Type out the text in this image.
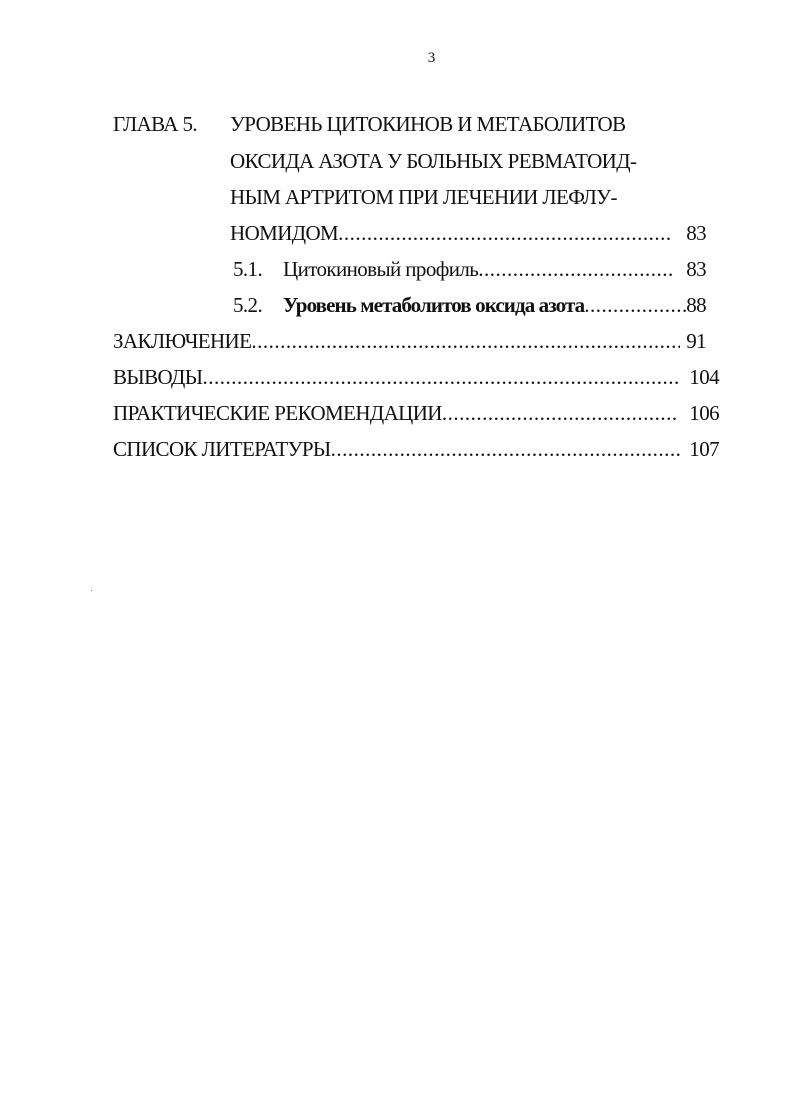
3
ГЛАВА 5.	УРОВЕНЬ ЦИТОКИНОВ И МЕТАБОЛИТОВ
ОКСИДА АЗОТА У БОЛЬНЫХ РЕВМАТОИД-
НЫМ АРТРИТОМ ПРИ ЛЕЧЕНИИ ЛЕФЛУ-
НОМИДОМ .....	83
5.1. Цитокиновый профиль .....	83
5.2. Уровень метаболитов оксида азота .....	88
ЗАКЛЮЧЕНИЕ .....	91
ВЫВОДЫ .....	104
ПРАКТИЧЕСКИЕ РЕКОМЕНДАЦИИ .....	106
СПИСОК ЛИТЕРАТУРЫ .....	107
